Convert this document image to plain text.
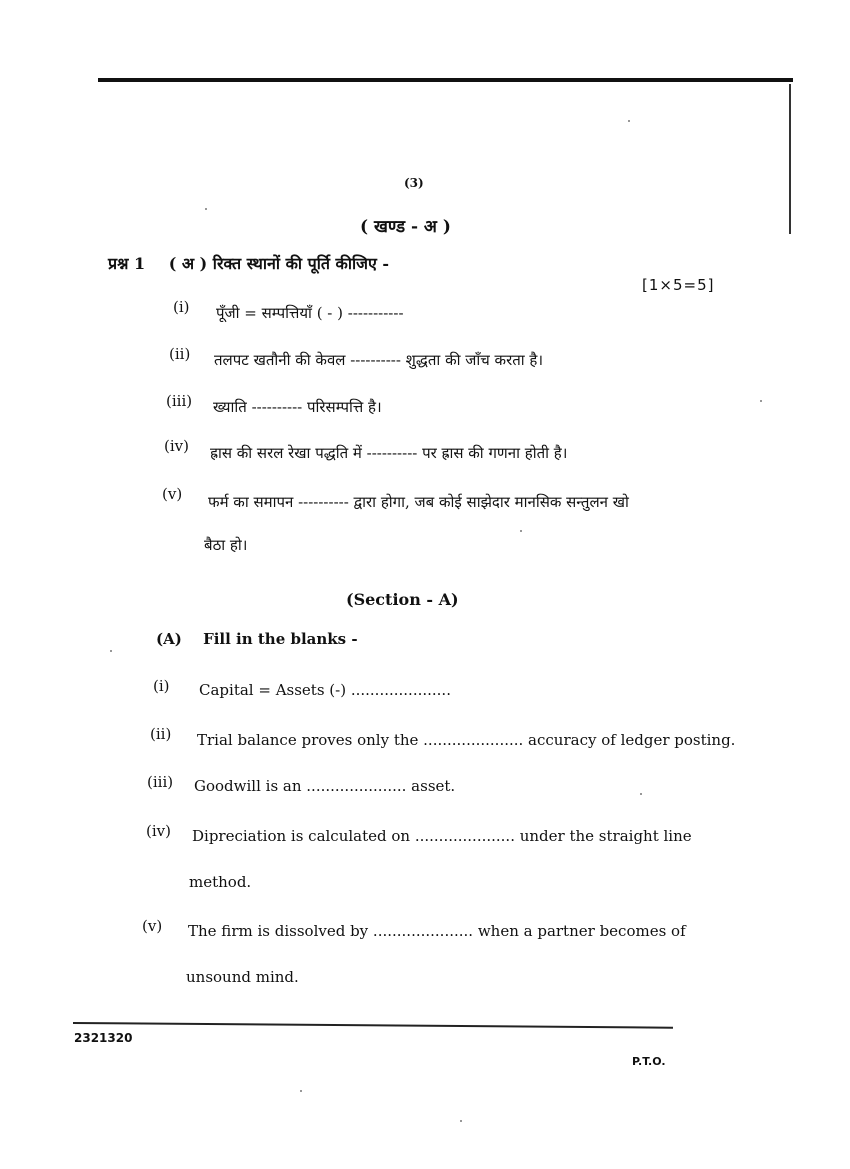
(3)
( खण्ड - अ )
प्रश्न 1 ( अ ) रिक्त स्थानों की पूर्ति कीजिए -
[1×5=5]
(i) पूँजी = सम्पत्तियाँ ( - ) -----------
(ii) तलपट खतौनी की केवल ---------- शुद्धता की जाँच करता है।
(iii) ख्याति ---------- परिसम्पत्ति है।
(iv) ह्रास की सरल रेखा पद्धति में ---------- पर ह्रास की गणना होती है।
(v) फर्म का समापन ---------- द्वारा होगा, जब कोई साझेदार मानसिक सन्तुलन खो
बैठा हो।
(Section - A)
(A) Fill in the blanks -
(i) Capital = Assets (-) .....................
(ii) Trial balance proves only the ..................... accuracy of ledger posting.
(iii) Goodwill is an ..................... asset.
(iv) Dipreciation is calculated on ..................... under the straight line
method.
(v) The firm is dissolved by ..................... when a partner becomes of
unsound mind.
2321320
P.T.O.
